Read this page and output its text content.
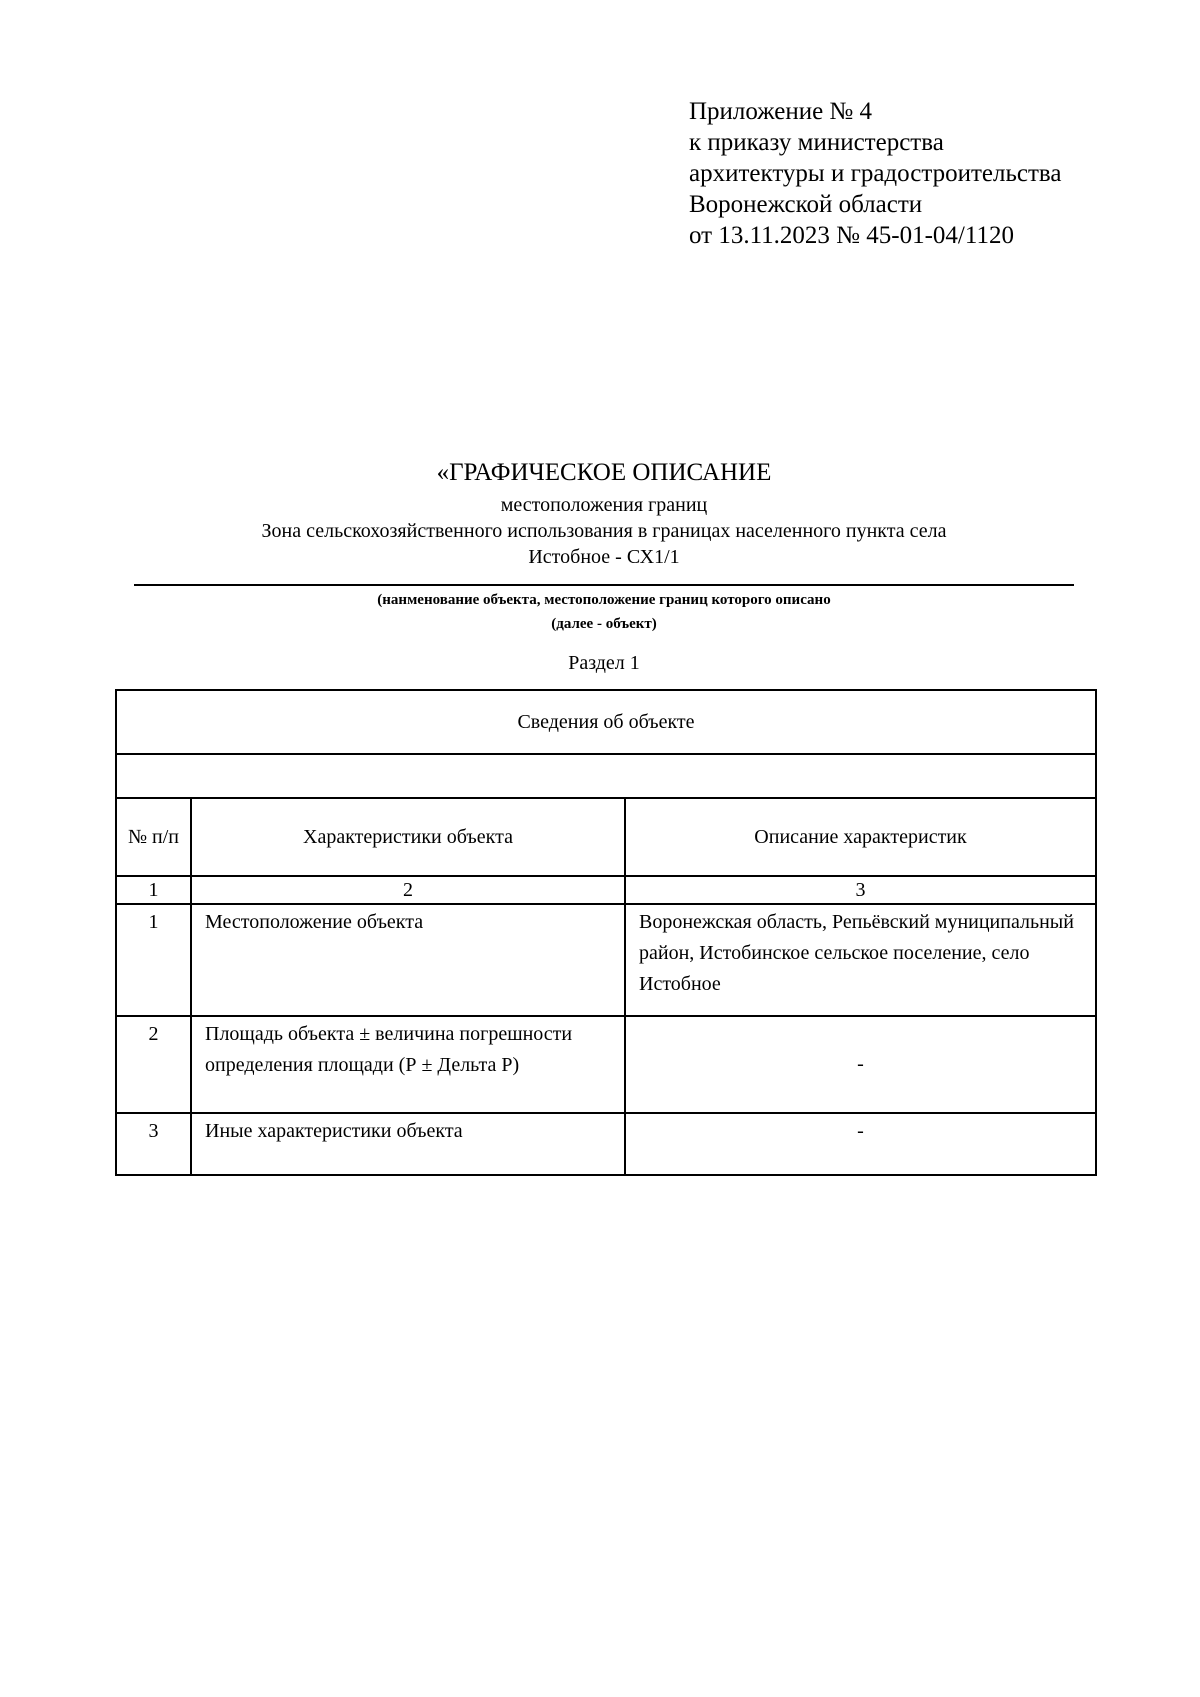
Приложение № 4
к приказу министерства
архитектуры и градостроительства
Воронежской области
от 13.11.2023 № 45-01-04/1120
«ГРАФИЧЕСКОЕ ОПИСАНИЕ
местоположения границ
Зона сельскохозяйственного использования в границах населенного пункта села
Истобное - СХ1/1
(нанменование объекта, местоположение границ которого описано
(далее - объект)
Раздел 1
Сведения об объекте		

№ п/п	Характеристики объекта	Описание характеристик
1	2	3
1	Местоположение объекта	Воронежская область, Репьёвский муниципальный район, Истобинское сельское поселение, село Истобное
2	Площадь объекта ± величина погрешности определения площади (Р ± Дельта Р)	-
3	Иные характеристики объекта	-
